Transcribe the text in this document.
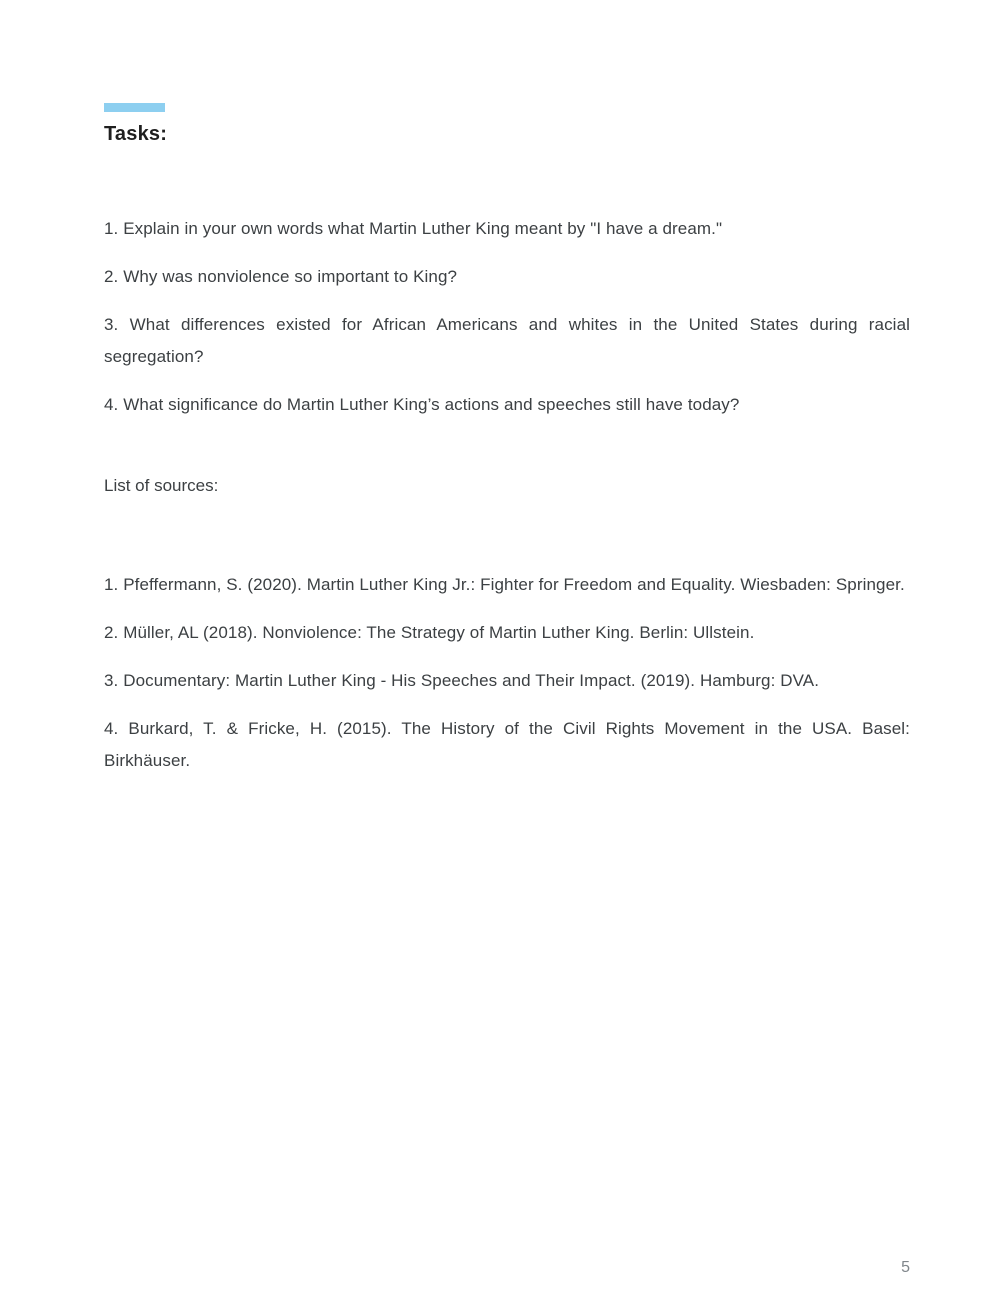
Tasks:

1. Explain in your own words what Martin Luther King meant by "I have a dream."

2. Why was nonviolence so important to King?

3. What differences existed for African Americans and whites in the United States during racial segregation?

4. What significance do Martin Luther King’s actions and speeches still have today?

List of sources:

1. Pfeffermann, S. (2020). Martin Luther King Jr.: Fighter for Freedom and Equality. Wiesbaden: Springer.

2. Müller, AL (2018). Nonviolence: The Strategy of Martin Luther King. Berlin: Ullstein.

3. Documentary: Martin Luther King - His Speeches and Their Impact. (2019). Hamburg: DVA.

4. Burkard, T. & Fricke, H. (2015). The History of the Civil Rights Movement in the USA. Basel: Birkhäuser.

5
